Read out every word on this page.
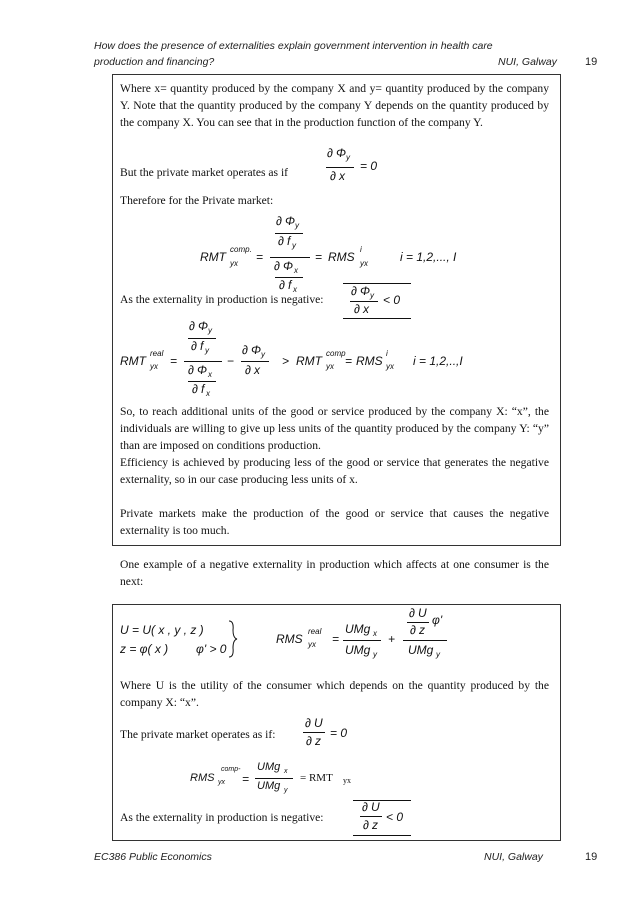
How does the presence of externalities explain government intervention in health care
production and financing?	NUI, Galway	19

Where x= quantity produced by the company X and y= quantity produced by the company Y. Note that the quantity produced by the company Y depends on the quantity produced by the company X. You can see that in the production function of the company Y.

But the private market operates as if
∂ Φ y
∂ x
= 0
Therefore for the Private market:
RMT
comp.
yx =
∂ Φ y
∂ f y
∂ Φ x
∂ f x
= RMS
i
yx	i = 1,2,..., I
As the externality in production is negative:
∂ Φ y
∂ x
< 0
RMT
real
yx =
∂ Φ y
∂ f y
∂ Φ x
∂ f x
−
∂ Φ y
∂ x
> RMT
comp
yx = RMS
i
yx i = 1,2,..,I

So, to reach additional units of the good or service produced by the company X: “x”, the individuals are willing to give up less units of the quantity produced by the company Y: “y” than are imposed on conditions production.

Efficiency is achieved by producing less of the good or service that generates the negative externality, so in our case producing less units of x.

Private markets make the production of the good or service that causes the negative externality is too much.

One example of a negative externality in production which affects at one consumer is the next:

U = U( x , y , z )
z = φ( x ) φ' > 0
RMS
real
yx =
UMg x
UMg y
+
∂ U
∂ z
φ'
UMg y

Where U is the utility of the consumer which depends on the quantity produced by the company X: “x”.

The private market operates as if:
∂ U
∂ z
= 0
RMS
comp-
yx =
UMg x
UMg y
= RMT yx
As the externality in production is negative:
∂ U
∂ z
< 0
EC386 Public Economics	NUI, Galway	19
